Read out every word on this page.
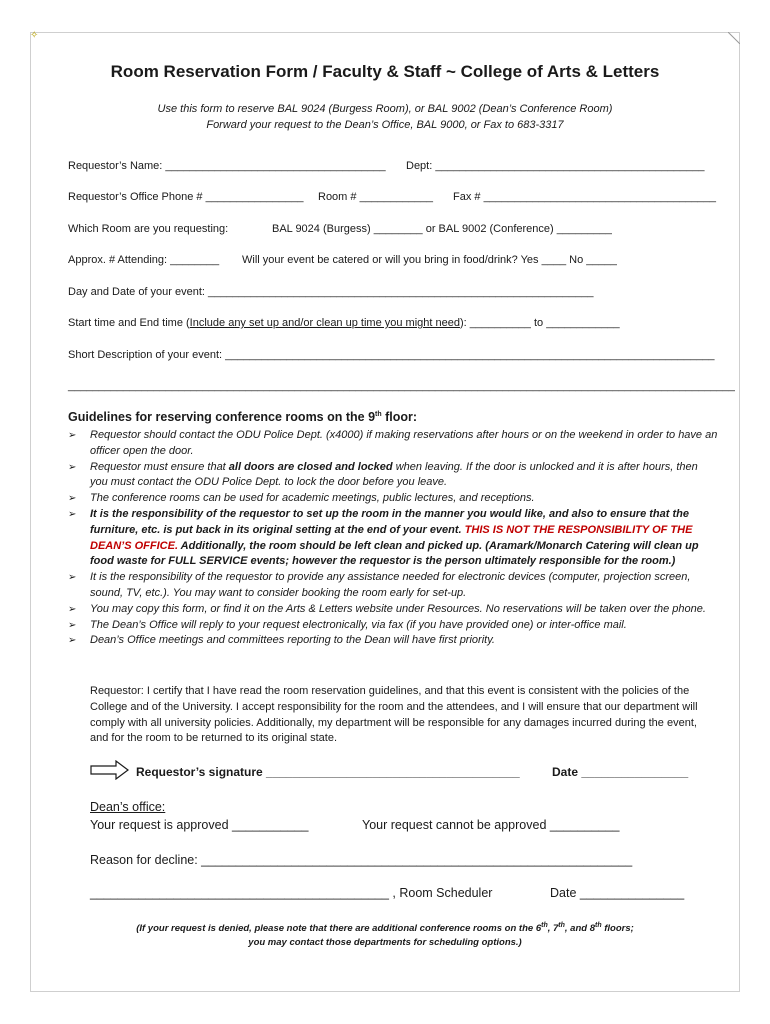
✧
Room Reservation Form / Faculty & Staff ~ College of Arts & Letters
Use this form to reserve BAL 9024 (Burgess Room), or BAL 9002 (Dean’s Conference Room)
Forward your request to the Dean’s Office, BAL 9000, or Fax to 683-3317
Requestor’s Name: ____________________________________ Dept: ____________________________________________
Requestor’s Office Phone # ________________ Room # ____________ Fax # ______________________________________
Which Room are you requesting:	BAL 9024 (Burgess) ________ or BAL 9002 (Conference) _________
Approx. # Attending: ________ Will your event be catered or will you bring in food/drink? Yes ____ No _____
Day and Date of your event: _______________________________________________________________
Start time and End time (Include any set up and/or clean up time you might need): __________ to ____________
Short Description of your event: ________________________________________________________________________________
_____________________________________________________________________________________________________________
Guidelines for reserving conference rooms on the 9th floor:
➢ Requestor should contact the ODU Police Dept. (x4000) if making reservations after hours or on the weekend in order to have an officer open the door.
➢ Requestor must ensure that all doors are closed and locked when leaving. If the door is unlocked and it is after hours, then you must contact the ODU Police Dept. to lock the door before you leave.
➢ The conference rooms can be used for academic meetings, public lectures, and receptions.
➢ It is the responsibility of the requestor to set up the room in the manner you would like, and also to ensure that the furniture, etc. is put back in its original setting at the end of your event. THIS IS NOT THE RESPONSIBILITY OF THE DEAN’S OFFICE. Additionally, the room should be left clean and picked up. (Aramark/Monarch Catering will clean up food waste for FULL SERVICE events; however the requestor is the person ultimately responsible for the room.)
➢ It is the responsibility of the requestor to provide any assistance needed for electronic devices (computer, projection screen, sound, TV, etc.). You may want to consider booking the room early for set-up.
➢ You may copy this form, or find it on the Arts & Letters website under Resources. No reservations will be taken over the phone.
➢ The Dean’s Office will reply to your request electronically, via fax (if you have provided one) or inter-office mail.
➢ Dean’s Office meetings and committees reporting to the Dean will have first priority.
Requestor: I certify that I have read the room reservation guidelines, and that this event is consistent with the policies of the College and of the University. I accept responsibility for the room and the attendees, and I will ensure that our department will comply with all university policies. Additionally, my department will be responsible for any damages incurred during the event, and for the room to be returned to its original state.
Requestor’s signature ______________________________________	Date ________________
Dean’s office:
Your request is approved ___________	Your request cannot be approved __________
Reason for decline: ______________________________________________________________
___________________________________________ , Room Scheduler	Date _______________
(If your request is denied, please note that there are additional conference rooms on the 6th, 7th, and 8th floors;
you may contact those departments for scheduling options.)
